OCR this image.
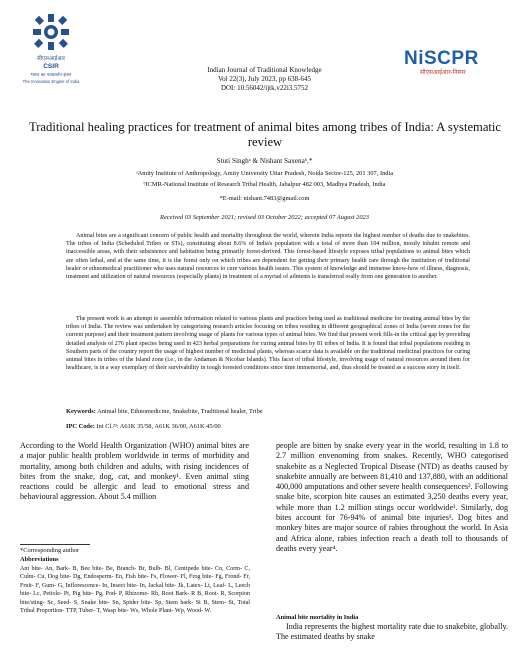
सीएसआईआर
CSIR
भारत का नवप्रवर्तन इंजन
The Innovation Engine of India
Indian Journal of Traditional Knowledge
Vol 22(3), July 2023, pp 638-645
DOI: 10.56042/ijtk.v22i3.5752
NiSCPR
सीएसआईआर-निस्पर
Traditional healing practices for treatment of animal bites among tribes of India: A systematic review
Stuti Singhᵃ & Nishant Saxenaᵇ,*
ᵃAmity Institute of Anthropology, Amity University Uttar Pradesh, Noida Sector-125, 201 307, India
ᵇICMR-National Institute of Research Tribal Health, Jabalpur 482 003, Madhya Pradesh, India
*E-mail: nishant.7483@gmail.com
Received 03 September 2021; revised 03 October 2022; accepted 07 August 2023
Animal bites are a significant concern of public health and mortality throughout the world, wherein India reports the highest number of deaths due to snakebites. The tribes of India (Scheduled Tribes or STs), constituting about 8.6% of India's population with a total of more than 104 million, mostly inhabit remote and inaccessible areas, with their subsistence and habitation being primarily forest-derived. This forest-based lifestyle exposes tribal populations to animal bites which are often lethal, and at the same time, it is the forest only on which tribes are dependent for getting their primary health care through the institution of traditional healer or ethnomedical practitioner who uses natural resources to cure various health issues. This system of knowledge and immense know-how of illness, diagnosis, treatment and utilization of natural resources (especially plants) in treatment of a myriad of ailments is transferred orally from one generation to another.
The present work is an attempt to assemble information related to various plants and practices being used as traditional medicine for treating animal bites by the tribes of India. The review was undertaken by categorising research articles focusing on tribes residing in different geographical zones of India (seven zones for the current purpose) and their treatment pattern involving usage of plants for various types of animal bites. We find that present work fills-in the critical gap by providing detailed analysis of 276 plant species being used in 423 herbal preparations for curing animal bites by 81 tribes of India. It is found that tribal populations residing in Southern parts of the country report the usage of highest number of medicinal plants, whereas scarce data is available on the traditional medicinal practices for curing animal bites in tribes of the Island zone (i.e., in the Andaman & Nicobar Islands). This facet of tribal lifestyle, involving usage of natural resources around them for healthcare, is in a way exemplary of their survivability in tough forested conditions since time immemorial, and, thus should be treated as a success story in itself.
Keywords: Animal bite, Ethnomedicine, Snakebite, Traditional healer, Tribe
IPC Code: Int Cl.²³: A61K 35/58, A61K 36/00, A61K 45/00
According to the World Health Organization (WHO) animal bites are a major public health problem worldwide in terms of morbidity and mortality, among both children and adults, with rising incidences of bites from the snake, dog, cat, and monkey¹. Even animal sting reactions could be allergic and lead to emotional stress and behavioural aggression. About 5.4 million
people are bitten by snake every year in the world, resulting in 1.8 to 2.7 million envenoming from snakes. Recently, WHO categorised snakebite as a Neglected Tropical Disease (NTD) as deaths caused by snakebite annually are between 81,410 and 137,880, with an additional 400,000 amputations and other severe health consequences². Following snake bite, scorpion bite causes an estimated 3,250 deaths every year, while more than 1.2 million stings occur worldwide³. Similarly, dog bites account for 76-94% of animal bite injuries¹. Dog bites and monkey bites are major source of rabies throughout the world. In Asia and Africa alone, rabies infection reach a death toll to thousands of deaths every year⁴.
*Corresponding author
Abbreviations
Ant bite- An, Bark- B, Bee bite- Be, Branch- Br, Bulb- Bl, Centipede bite- Cn, Corm- C, Culm- Cu, Dog bite- Dg, Endosperm- En, Fish bite- Fs, Flower- Fl, Frog bite- Fg, Frond- Fr, Fruit- F, Gum- G, Inflorescence- In, Insect bite- In, Jackal bite- Jk, Latex- Lt, Leaf- L, Leech bite- Lc, Petiole- Pt, Pig bite- Pg, Pod- P, Rhizome- Rh, Root Bark- R B, Root- R, Scorpion bite/sting- Sc, Seed- S, Snake bite- Sn, Spider bite- Sp, Stem bark- St B, Stem- St, Total Tribal Proportion- TTP, Tuber- T, Wasp bite- Ws, Whole Plant- Wp, Wood- W.
Animal bite mortality in India
India represents the highest mortality rate due to snakebite, globally. The estimated deaths by snake
